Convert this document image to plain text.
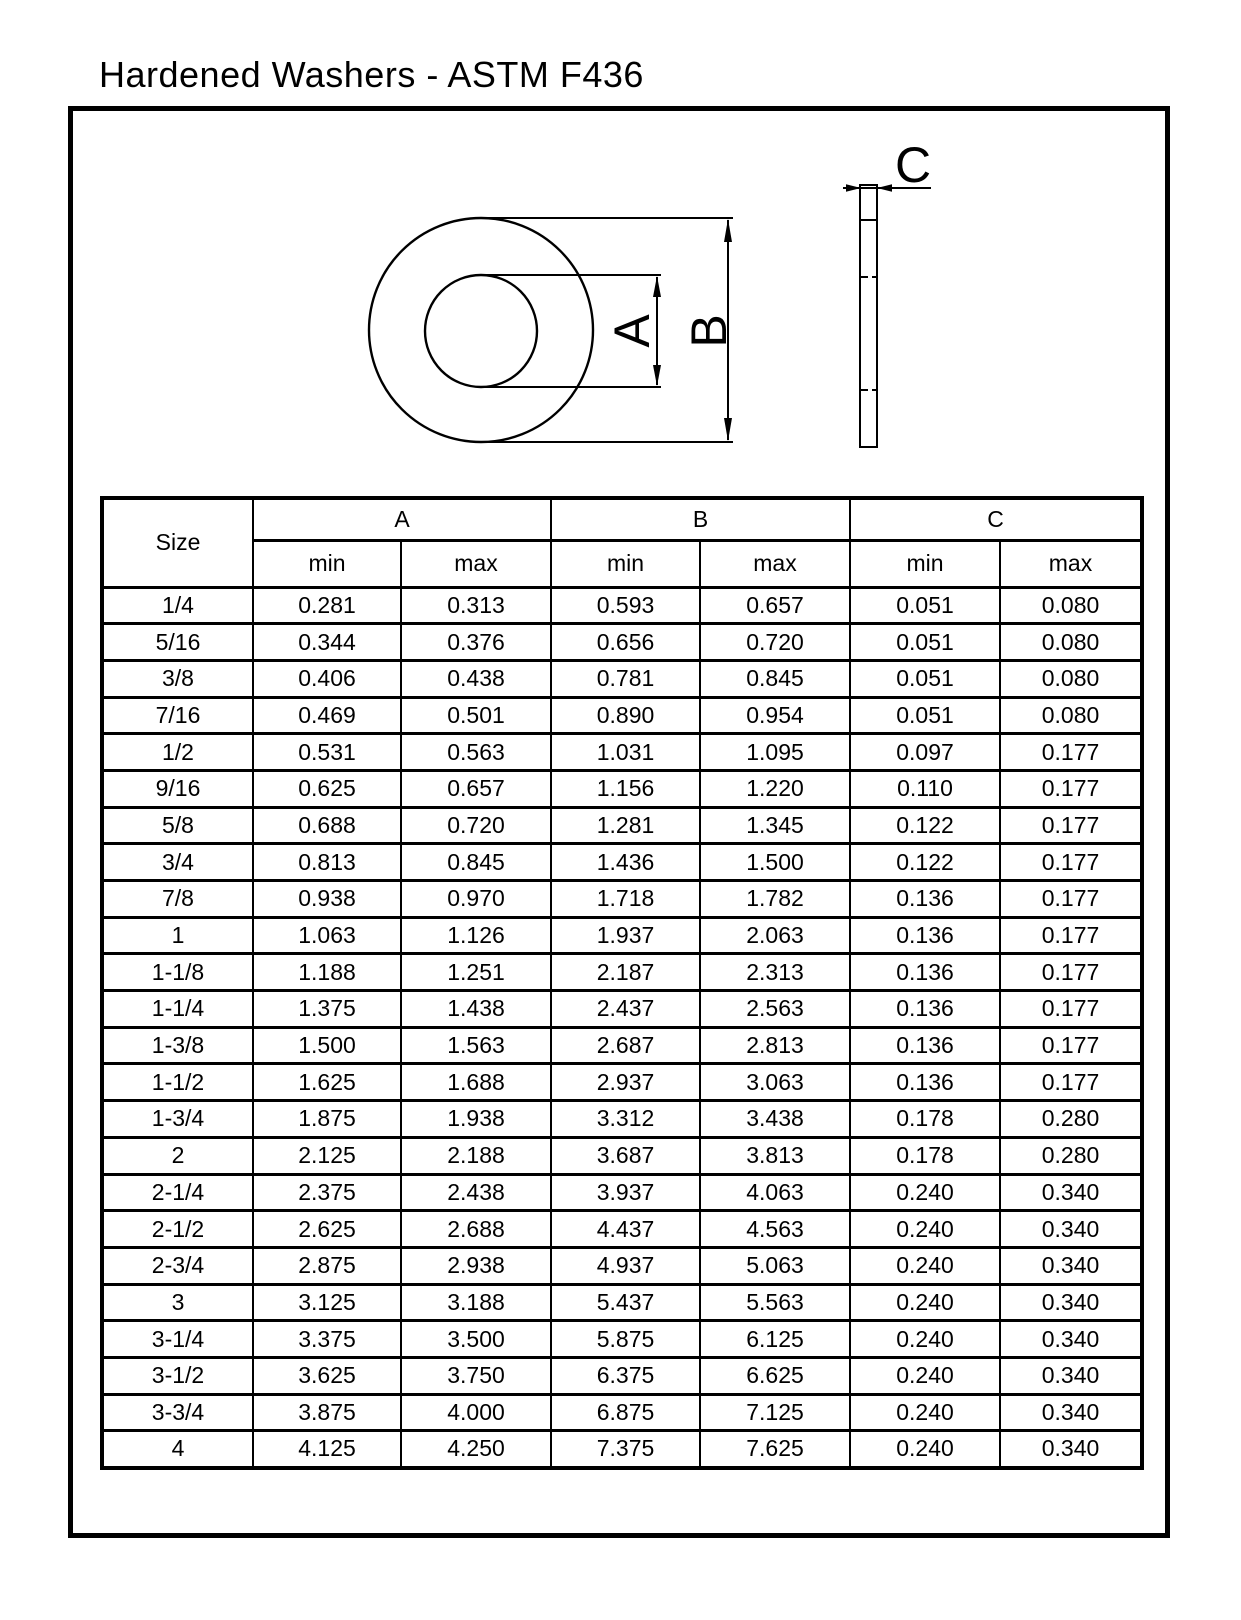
Hardened Washers - ASTM F436
A B
C
Size	A		B		C	
	min	max	min	max	min	max
1/4	0.281	0.313	0.593	0.657	0.051	0.080
5/16	0.344	0.376	0.656	0.720	0.051	0.080
3/8	0.406	0.438	0.781	0.845	0.051	0.080
7/16	0.469	0.501	0.890	0.954	0.051	0.080
1/2	0.531	0.563	1.031	1.095	0.097	0.177
9/16	0.625	0.657	1.156	1.220	0.110	0.177
5/8	0.688	0.720	1.281	1.345	0.122	0.177
3/4	0.813	0.845	1.436	1.500	0.122	0.177
7/8	0.938	0.970	1.718	1.782	0.136	0.177
1	1.063	1.126	1.937	2.063	0.136	0.177
1-1/8	1.188	1.251	2.187	2.313	0.136	0.177
1-1/4	1.375	1.438	2.437	2.563	0.136	0.177
1-3/8	1.500	1.563	2.687	2.813	0.136	0.177
1-1/2	1.625	1.688	2.937	3.063	0.136	0.177
1-3/4	1.875	1.938	3.312	3.438	0.178	0.280
2	2.125	2.188	3.687	3.813	0.178	0.280
2-1/4	2.375	2.438	3.937	4.063	0.240	0.340
2-1/2	2.625	2.688	4.437	4.563	0.240	0.340
2-3/4	2.875	2.938	4.937	5.063	0.240	0.340
3	3.125	3.188	5.437	5.563	0.240	0.340
3-1/4	3.375	3.500	5.875	6.125	0.240	0.340
3-1/2	3.625	3.750	6.375	6.625	0.240	0.340
3-3/4	3.875	4.000	6.875	7.125	0.240	0.340
4	4.125	4.250	7.375	7.625	0.240	0.340
